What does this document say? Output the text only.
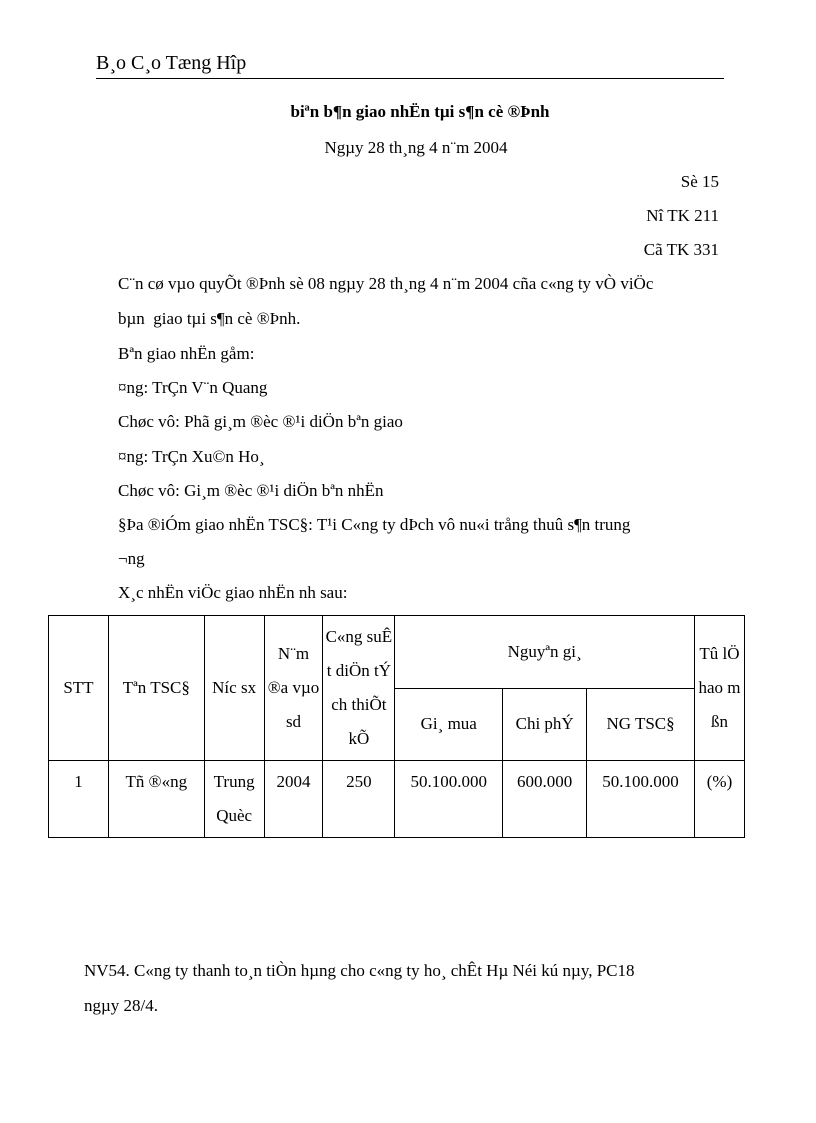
B¸o C¸o Tæng Hîp
biªn b¶n giao nhËn tµi s¶n cè ®Þnh
Ngµy 28 th¸ng 4 n¨m 2004
Sè 15
Nî TK 211
Cã TK 331
C¨n cø vµo quyÕt ®Þnh sè 08 ngµy 28 th¸ng 4 n¨m 2004 cña c«ng ty vÒ viÖc
bµn  giao tµi s¶n cè ®Þnh.
Bªn giao nhËn gåm:
¤ng: TrÇn V¨n Quang
Chøc vô: Phã gi¸m ®èc ®¹i diÖn bªn giao
¤ng: TrÇn Xu©n Ho¸
Chøc vô: Gi¸m ®èc ®¹i diÖn bªn nhËn
§Þa ®iÓm giao nhËn TSC§: T¹i C«ng ty dÞch vô nu«i trång thuû s¶n trung
¬ng
X¸c nhËn viÖc giao nhËn nh sau:
STT	Tªn TSC§	Níc sx	N¨m ®a vµo sd	C«ng suÊt diÖn tÝch thiÕt kÕ	Nguyªn gi¸			Tû lÖ hao mßn
					Gi¸ mua	Chi phÝ	NG TSC§	
1	Tñ ®«ng	Trung Quèc	2004	250	50.100.000	600.000	50.100.000	(%)
NV54. C«ng ty thanh to¸n tiÒn hµng cho c«ng ty ho¸ chÊt Hµ Néi kú nµy, PC18
ngµy 28/4.
